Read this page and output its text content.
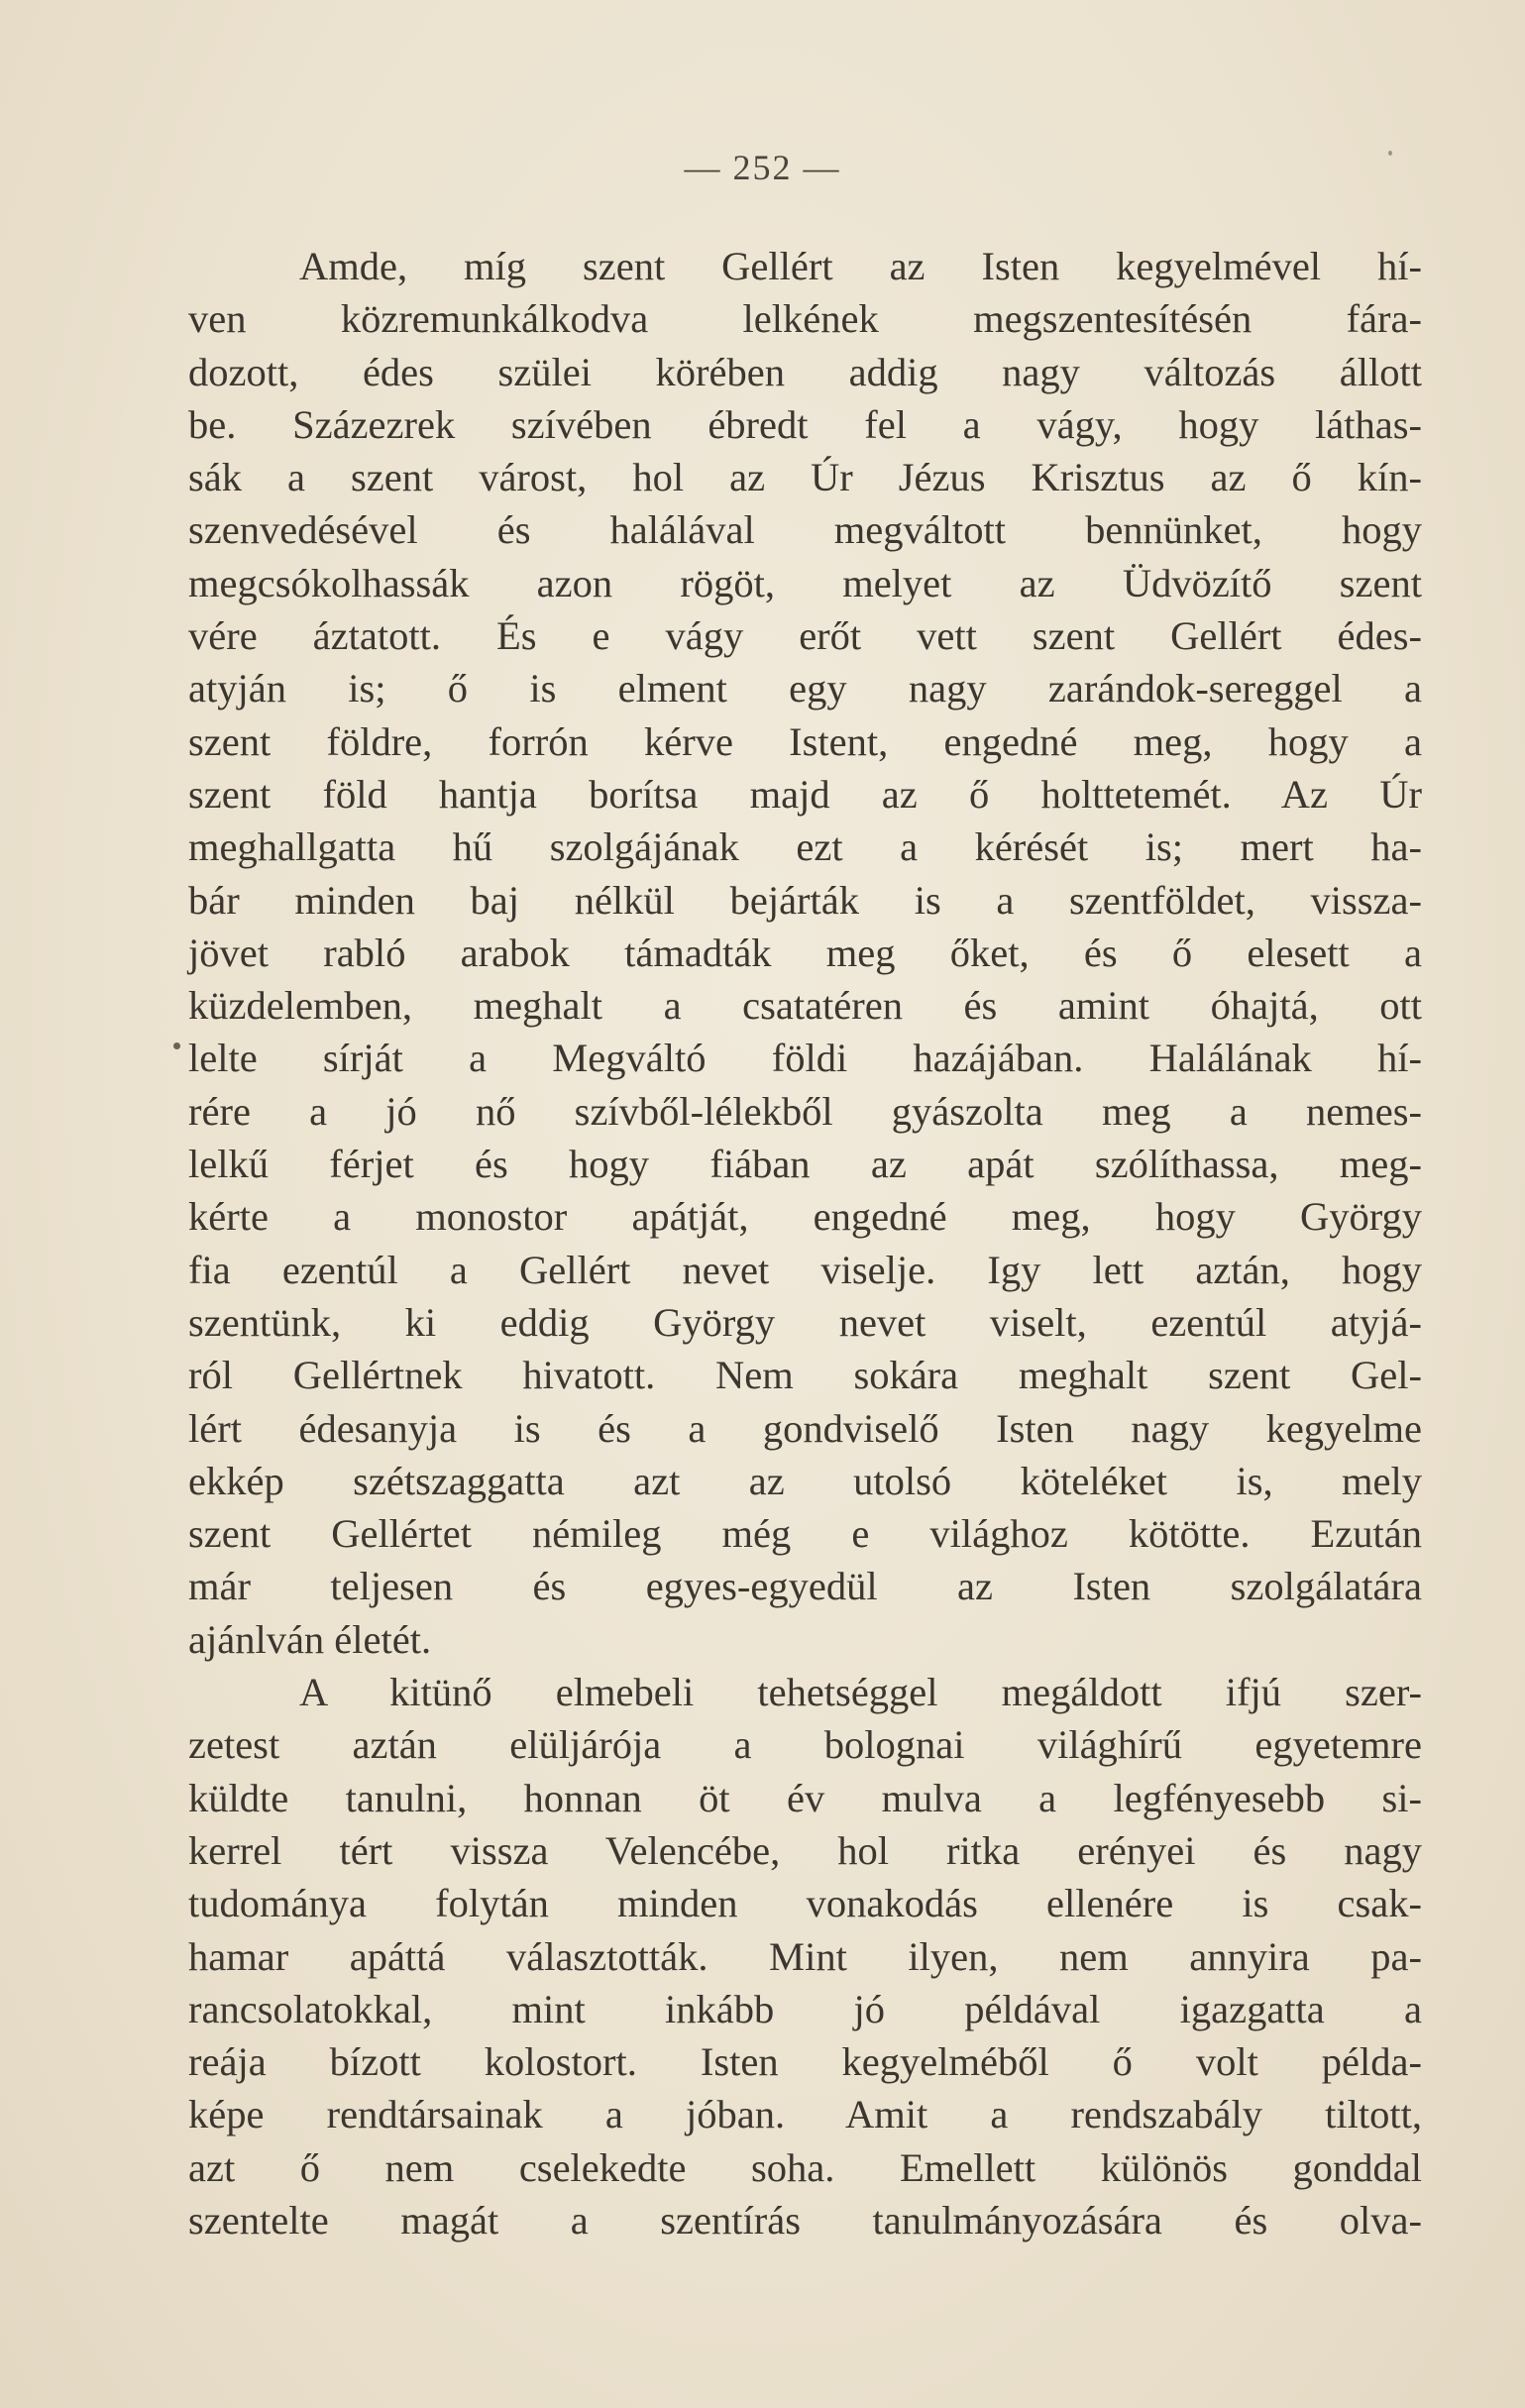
— 252 —
Amde, míg szent Gellért az Isten kegyelmével hí-
ven közremunkálkodva lelkének megszentesítésén fára-
dozott, édes szülei körében addig nagy változás állott
be. Százezrek szívében ébredt fel a vágy, hogy láthas-
sák a szent várost, hol az Úr Jézus Krisztus az ő kín-
szenvedésével és halálával megváltott bennünket, hogy
megcsókolhassák azon rögöt, melyet az Üdvözítő szent
vére áztatott. És e vágy erőt vett szent Gellért édes-
atyján is; ő is elment egy nagy zarándok-sereggel a
szent földre, forrón kérve Istent, engedné meg, hogy a
szent föld hantja borítsa majd az ő holttetemét. Az Úr
meghallgatta hű szolgájának ezt a kérését is; mert ha-
bár minden baj nélkül bejárták is a szentföldet, vissza-
jövet rabló arabok támadták meg őket, és ő elesett a
küzdelemben, meghalt a csatatéren és amint óhajtá, ott
lelte sírját a Megváltó földi hazájában. Halálának hí-
rére a jó nő szívből-lélekből gyászolta meg a nemes-
lelkű férjet és hogy fiában az apát szólíthassa, meg-
kérte a monostor apátját, engedné meg, hogy György
fia ezentúl a Gellért nevet viselje. Igy lett aztán, hogy
szentünk, ki eddig György nevet viselt, ezentúl atyjá-
ról Gellértnek hivatott. Nem sokára meghalt szent Gel-
lért édesanyja is és a gondviselő Isten nagy kegyelme
ekkép szétszaggatta azt az utolsó köteléket is, mely
szent Gellértet némileg még e világhoz kötötte. Ezután
már teljesen és egyes-egyedül az Isten szolgálatára
ajánlván életét.
A kitünő elmebeli tehetséggel megáldott ifjú szer-
zetest aztán elüljárója a bolognai világhírű egyetemre
küldte tanulni, honnan öt év mulva a legfényesebb si-
kerrel tért vissza Velencébe, hol ritka erényei és nagy
tudománya folytán minden vonakodás ellenére is csak-
hamar apáttá választották. Mint ilyen, nem annyira pa-
rancsolatokkal, mint inkább jó példával igazgatta a
reája bízott kolostort. Isten kegyelméből ő volt példa-
képe rendtársainak a jóban. Amit a rendszabály tiltott,
azt ő nem cselekedte soha. Emellett különös gonddal
szentelte magát a szentírás tanulmányozására és olva-
